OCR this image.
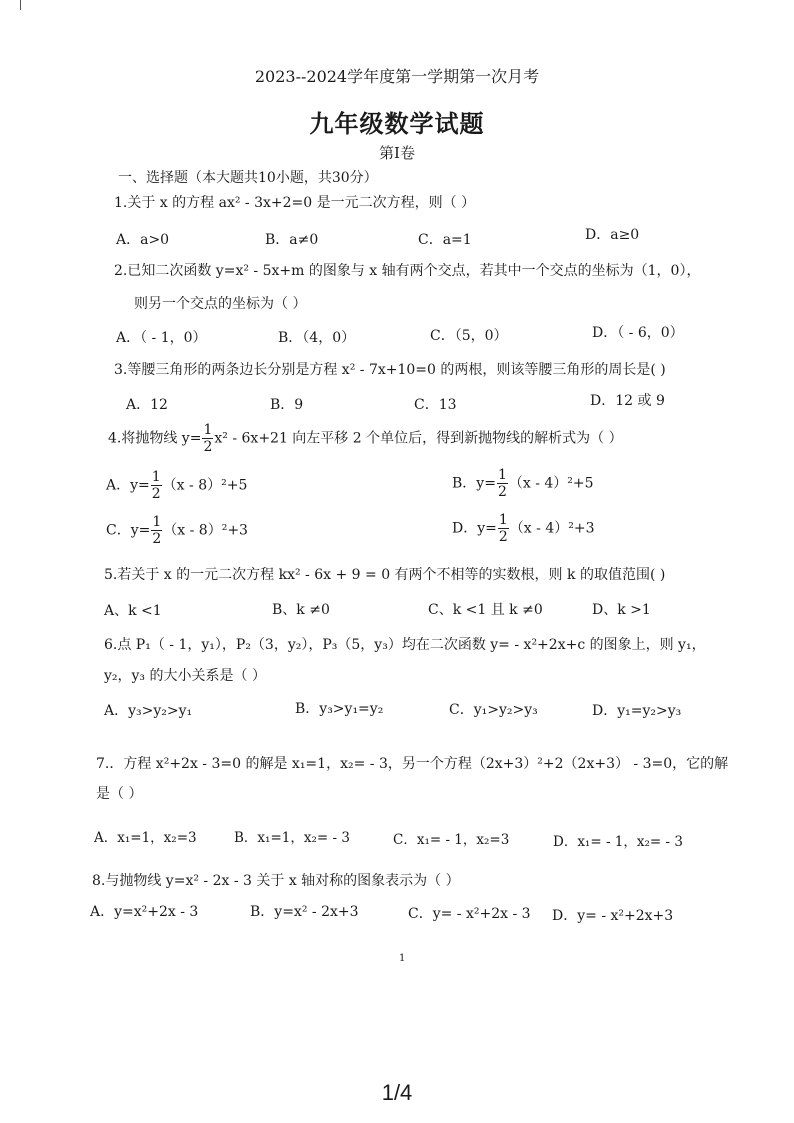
2023--2024学年度第一学期第一次月考
九年级数学试题
第Ⅰ卷
一、选择题（本大题共10小题，共30分）
1.关于 x 的方程 ax² - 3x+2=0 是一元二次方程，则（ ）
A．a>0	B．a≠0	C．a=1	D．a≥0
2.已知二次函数 y=x² - 5x+m 的图象与 x 轴有两个交点，若其中一个交点的坐标为（1，0），
则另一个交点的坐标为（ ）
A．（ - 1，0）	B．（4，0）	C．（5，0）	D．（ - 6，0）
3.等腰三角形的两条边长分别是方程 x² - 7x+10=0 的两根，则该等腰三角形的周长是( )
A．12	B．9	C．13	D．12 或 9
4.将抛物线 $y= \frac{1}{2} x^2 - 6x+21$ 向左平移 2 个单位后，得到新抛物线的解析式为（ ）
A．$y= \frac{1}{2} (x - 8)^2+5$	B．$y= \frac{1}{2} (x - 4)^2+5$
C．$y= \frac{1}{2} (x - 8)^2+3$	D．$y= \frac{1}{2} (x - 4)^2+3$
5.若关于 x 的一元二次方程 kx² - 6x + 9 = 0 有两个不相等的实数根，则 k 的取值范围( )
A、k <1	B、k ≠0	C、k <1 且 k ≠0	D、k >1
6.点 P₁（ - 1，y₁），P₂（3，y₂），P₃（5，y₃）均在二次函数 y= - x²+2x+c 的图象上，则 y₁，
y₂，y₃ 的大小关系是（ ）
A．y₃>y₂>y₁	B．y₃>y₁=y₂	C．y₁>y₂>y₃	D．y₁=y₂>y₃
7.．方程 x²+2x - 3=0 的解是 x₁=1，x₂= - 3，另一个方程（2x+3）²+2（2x+3） - 3=0，它的解
是（ ）
A．x₁=1，x₂=3	B．x₁=1，x₂= - 3	C．x₁= - 1，x₂=3	D．x₁= - 1，x₂= - 3
8.与抛物线 y=x² - 2x - 3 关于 x 轴对称的图象表示为（ ）
A．y=x²+2x - 3	B．y=x² - 2x+3	C．y= - x²+2x - 3 D．y= - x²+2x+3
1
1/4
